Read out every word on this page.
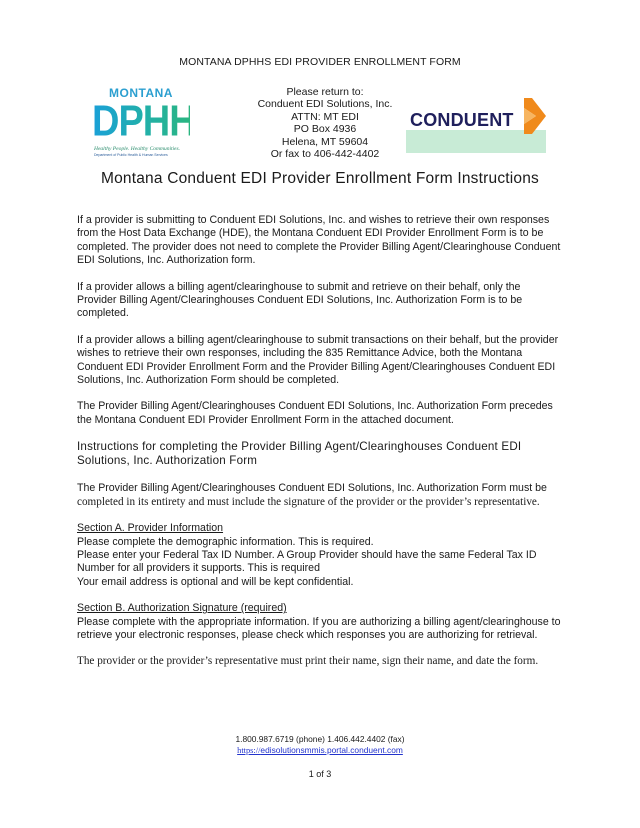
MONTANA DPHHS EDI PROVIDER ENROLLMENT FORM
MONTANA
DPHHS
Healthy People. Healthy Communities.
Department of Public Health & Human Services
Please return to:
Conduent EDI Solutions, Inc.
ATTN: MT EDI
PO Box 4936
Helena, MT 59604
Or fax to 406-442-4402
CONDUENT
Montana Conduent EDI Provider Enrollment Form Instructions

If a provider is submitting to Conduent EDI Solutions, Inc. and wishes to retrieve their own responses from the Host Data Exchange (HDE), the Montana Conduent EDI Provider Enrollment Form is to be completed. The provider does not need to complete the Provider Billing Agent/Clearinghouse Conduent EDI Solutions, Inc. Authorization form.

If a provider allows a billing agent/clearinghouse to submit and retrieve on their behalf, only the Provider Billing Agent/Clearinghouses Conduent EDI Solutions, Inc. Authorization Form is to be completed.

If a provider allows a billing agent/clearinghouse to submit transactions on their behalf, but the provider wishes to retrieve their own responses, including the 835 Remittance Advice, both the Montana Conduent EDI Provider Enrollment Form and the Provider Billing Agent/Clearinghouses Conduent EDI Solutions, Inc. Authorization Form should be completed.

The Provider Billing Agent/Clearinghouses Conduent EDI Solutions, Inc. Authorization Form precedes the Montana Conduent EDI Provider Enrollment Form in the attached document.

Instructions for completing the Provider Billing Agent/Clearinghouses Conduent EDI Solutions, Inc. Authorization Form

The Provider Billing Agent/Clearinghouses Conduent EDI Solutions, Inc. Authorization Form must be
completed in its entirety and must include the signature of the provider or the provider’s representative.

Section A. Provider Information
Please complete the demographic information. This is required.
Please enter your Federal Tax ID Number. A Group Provider should have the same Federal Tax ID Number for all providers it supports. This is required
Your email address is optional and will be kept confidential.
Section B. Authorization Signature (required)
Please complete with the appropriate information. If you are authorizing a billing agent/clearinghouse to retrieve your electronic responses, please check which responses you are authorizing for retrieval.
The provider or the provider’s representative must print their name, sign their name, and date the form.
1.800.987.6719 (phone) 1.406.442.4402 (fax)
https://edisolutionsmmis.portal.conduent.com
1 of 3
